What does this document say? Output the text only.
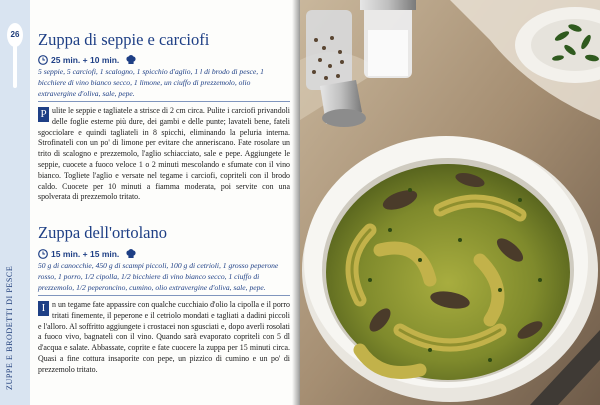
26
ZUPPE E BRODETTI DI PESCE
Zuppa di seppie e carciofi
25 min. + 10 min.

5 seppie, 5 carciofi, 1 scalogno, 1 spicchio d'aglio, 1 l di brodo di pesce, 1 bicchiere di vino bianco secco, 1 limone, un ciuffo di prezzemolo, olio extravergine d'oliva, sale, pepe.

P ulite le seppie e tagliatele a strisce di 2 cm circa. Pulite i carciofi privandoli delle foglie esterne più dure, dei gambi e delle punte; lavateli bene, fateli sgocciolare e quindi tagliateli in 8 spicchi, eliminando la peluria interna. Strofinateli con un po' di limone per evitare che anneriscano. Fate rosolare un trito di scalogno e prezzemolo, l'aglio schiacciato, sale e pepe. Aggiungete le seppie, cuocete a fuoco veloce 1 o 2 minuti mescolando e sfumate con il vino bianco. Togliete l'aglio e versate nel tegame i carciofi, copriteli con il brodo caldo. Cuocete per 10 minuti a fiamma moderata, poi servite con una spolverata di prezzemolo tritato.

Zuppa dell'ortolano
15 min. + 15 min.

50 g di canocchie, 450 g di scampi piccoli, 100 g di cetrioli, 1 grosso peperone rosso, 1 porro, 1/2 cipolla, 1/2 bicchiere di vino bianco secco, 1 ciuffo di prezzemolo, 1/2 peperoncino, cumino, olio extravergine d'oliva, sale, pepe.

I n un tegame fate appassire con qualche cucchiaio d'olio la cipolla e il porro tritati finemente, il peperone e il cetriolo mondati e tagliati a dadini piccoli e l'alloro. Al soffritto aggiungete i crostacei non sgusciati e, dopo averli rosolati a fuoco vivo, bagnateli con il vino. Quando sarà evaporato copriteli con 5 dl d'acqua e salate. Abbassate, coprite e fate cuocere la zuppa per 15 minuti circa. Quasi a fine cottura insaporite con pepe, un pizzico di cumino e un po' di prezzemolo tritato.
